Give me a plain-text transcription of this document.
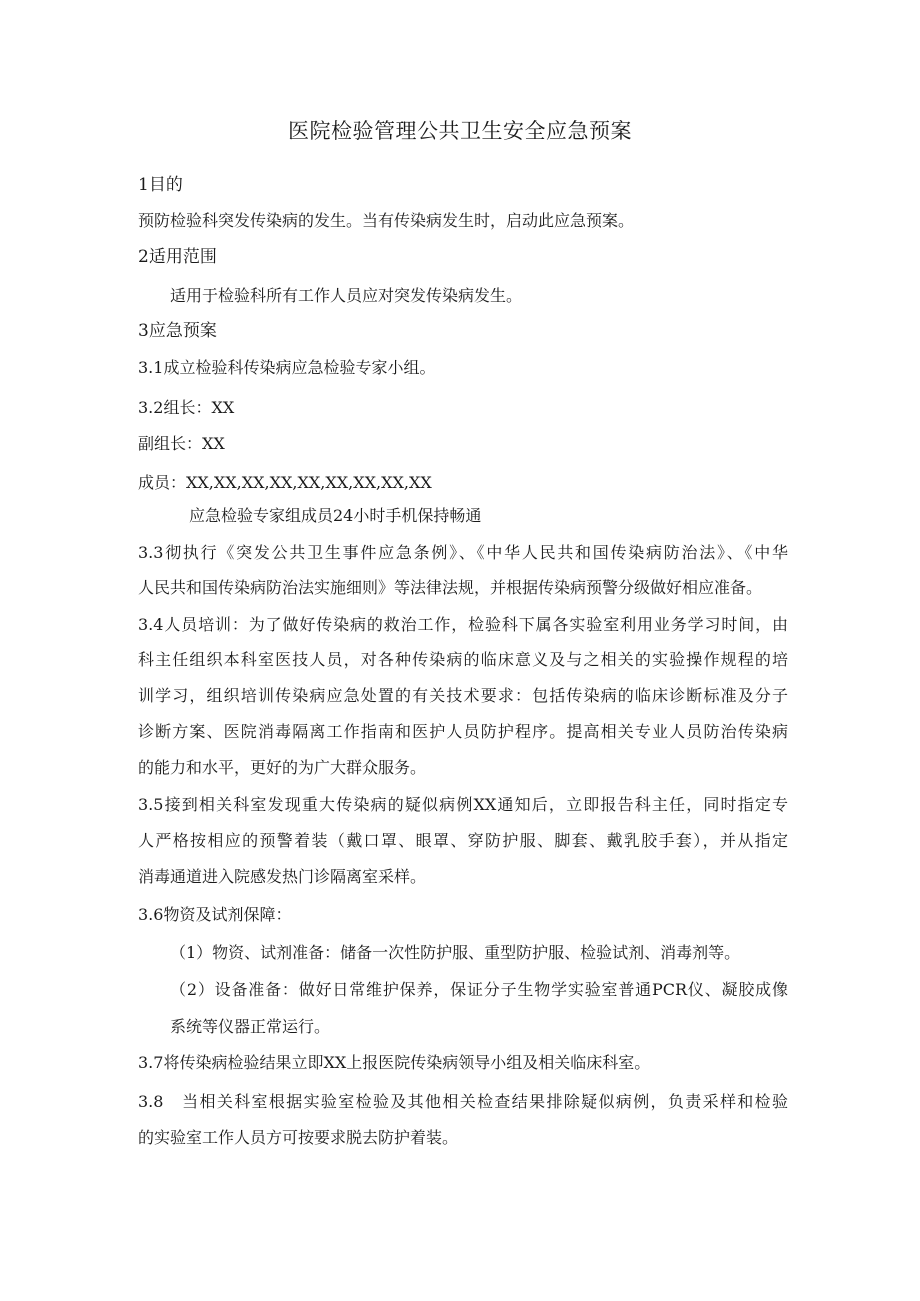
医院检验管理公共卫生安全应急预案
1目的
预防检验科突发传染病的发生。当有传染病发生时，启动此应急预案。
2适用范围
适用于检验科所有工作人员应对突发传染病发生。
3应急预案
3.1成立检验科传染病应急检验专家小组。
3.2组长：XX
副组长：XX
成员：XX,XX,XX,XX,XX,XX,XX,XX,XX
应急检验专家组成员24小时手机保持畅通
3.3彻执行《突发公共卫生事件应急条例》、《中华人民共和国传染病防治法》、《中华
人民共和国传染病防治法实施细则》等法律法规，并根据传染病预警分级做好相应准备。
3.4人员培训：为了做好传染病的救治工作，检验科下属各实验室利用业务学习时间，由
科主任组织本科室医技人员，对各种传染病的临床意义及与之相关的实验操作规程的培
训学习，组织培训传染病应急处置的有关技术要求：包括传染病的临床诊断标准及分子
诊断方案、医院消毒隔离工作指南和医护人员防护程序。提高相关专业人员防治传染病
的能力和水平，更好的为广大群众服务。
3.5接到相关科室发现重大传染病的疑似病例XX通知后，立即报告科主任，同时指定专
人严格按相应的预警着装（戴口罩、眼罩、穿防护服、脚套、戴乳胶手套），并从指定
消毒通道进入院感发热门诊隔离室采样。
3.6物资及试剂保障：
（1）物资、试剂准备：储备一次性防护服、重型防护服、检验试剂、消毒剂等。
（2）设备准备：做好日常维护保养，保证分子生物学实验室普通PCR仪、凝胶成像
系统等仪器正常运行。
3.7将传染病检验结果立即XX上报医院传染病领导小组及相关临床科室。
3.8　当相关科室根据实验室检验及其他相关检查结果排除疑似病例，负责采样和检验
的实验室工作人员方可按要求脱去防护着装。
